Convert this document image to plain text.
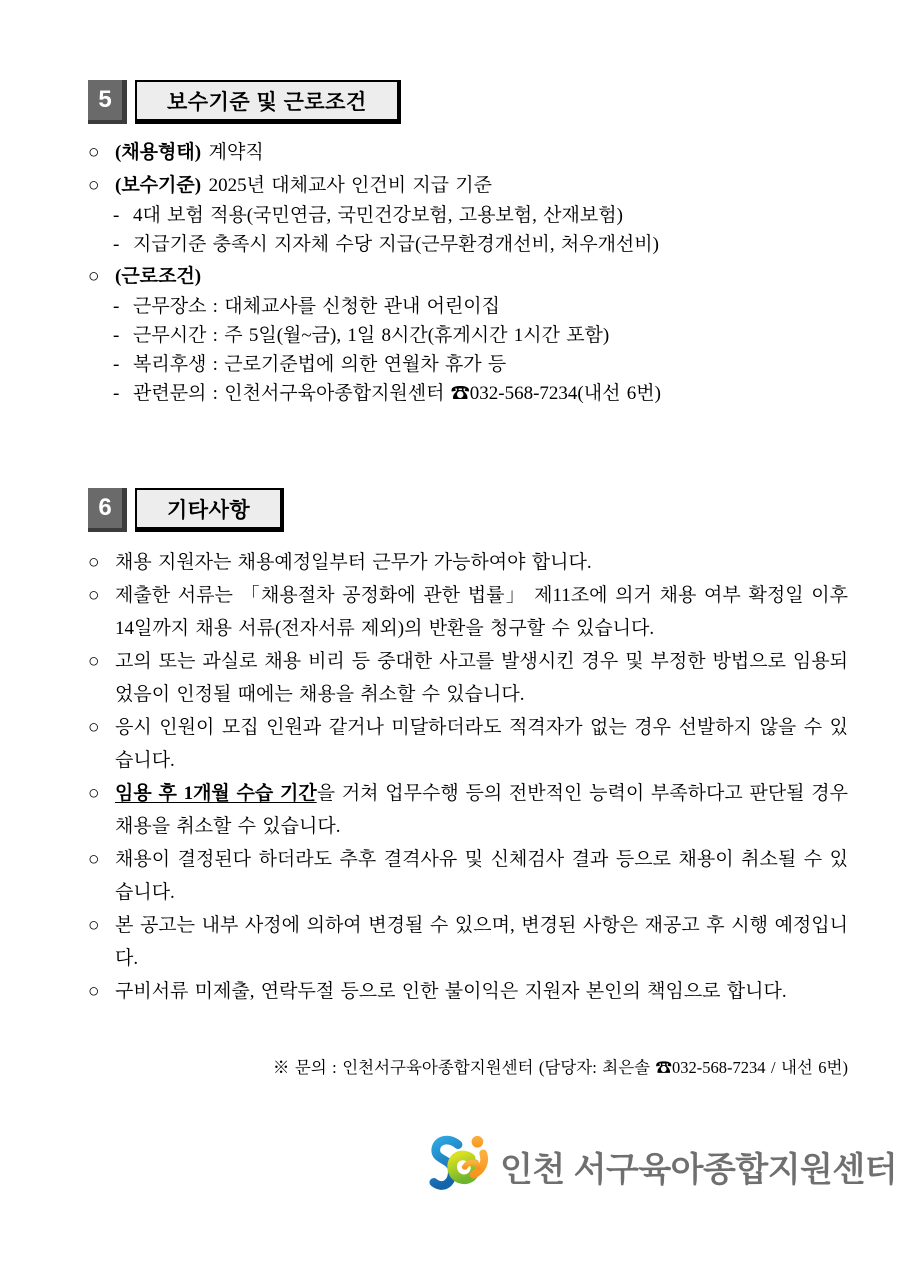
5	보수기준 및 근로조건
○ (채용형태) 계약직
○ (보수기준) 2025년 대체교사 인건비 지급 기준
- 4대 보험 적용(국민연금, 국민건강보험, 고용보험, 산재보험)
- 지급기준 충족시 지자체 수당 지급(근무환경개선비, 처우개선비)
○ (근로조건)
- 근무장소 : 대체교사를 신청한 관내 어린이집
- 근무시간 : 주 5일(월~금), 1일 8시간(휴게시간 1시간 포함)
- 복리후생 : 근로기준법에 의한 연월차 휴가 등
- 관련문의 : 인천서구육아종합지원센터 ☎032-568-7234(내선 6번)
6	기타사항
○ 채용 지원자는 채용예정일부터 근무가 가능하여야 합니다.
○ 제출한 서류는 「채용절차 공정화에 관한 법률」 제11조에 의거 채용 여부 확정일 이후 14일까지 채용 서류(전자서류 제외)의 반환을 청구할 수 있습니다.
○ 고의 또는 과실로 채용 비리 등 중대한 사고를 발생시킨 경우 및 부정한 방법으로 임용되었음이 인정될 때에는 채용을 취소할 수 있습니다.
○ 응시 인원이 모집 인원과 같거나 미달하더라도 적격자가 없는 경우 선발하지 않을 수 있습니다.
○ 임용 후 1개월 수습 기간을 거쳐 업무수행 등의 전반적인 능력이 부족하다고 판단될 경우 채용을 취소할 수 있습니다.
○ 채용이 결정된다 하더라도 추후 결격사유 및 신체검사 결과 등으로 채용이 취소될 수 있습니다.
○ 본 공고는 내부 사정에 의하여 변경될 수 있으며, 변경된 사항은 재공고 후 시행 예정입니다.
○ 구비서류 미제출, 연락두절 등으로 인한 불이익은 지원자 본인의 책임으로 합니다.
※ 문의 : 인천서구육아종합지원센터 (담당자: 최은솔 ☎032-568-7234 / 내선 6번)
인천 서구육아종합지원센터
